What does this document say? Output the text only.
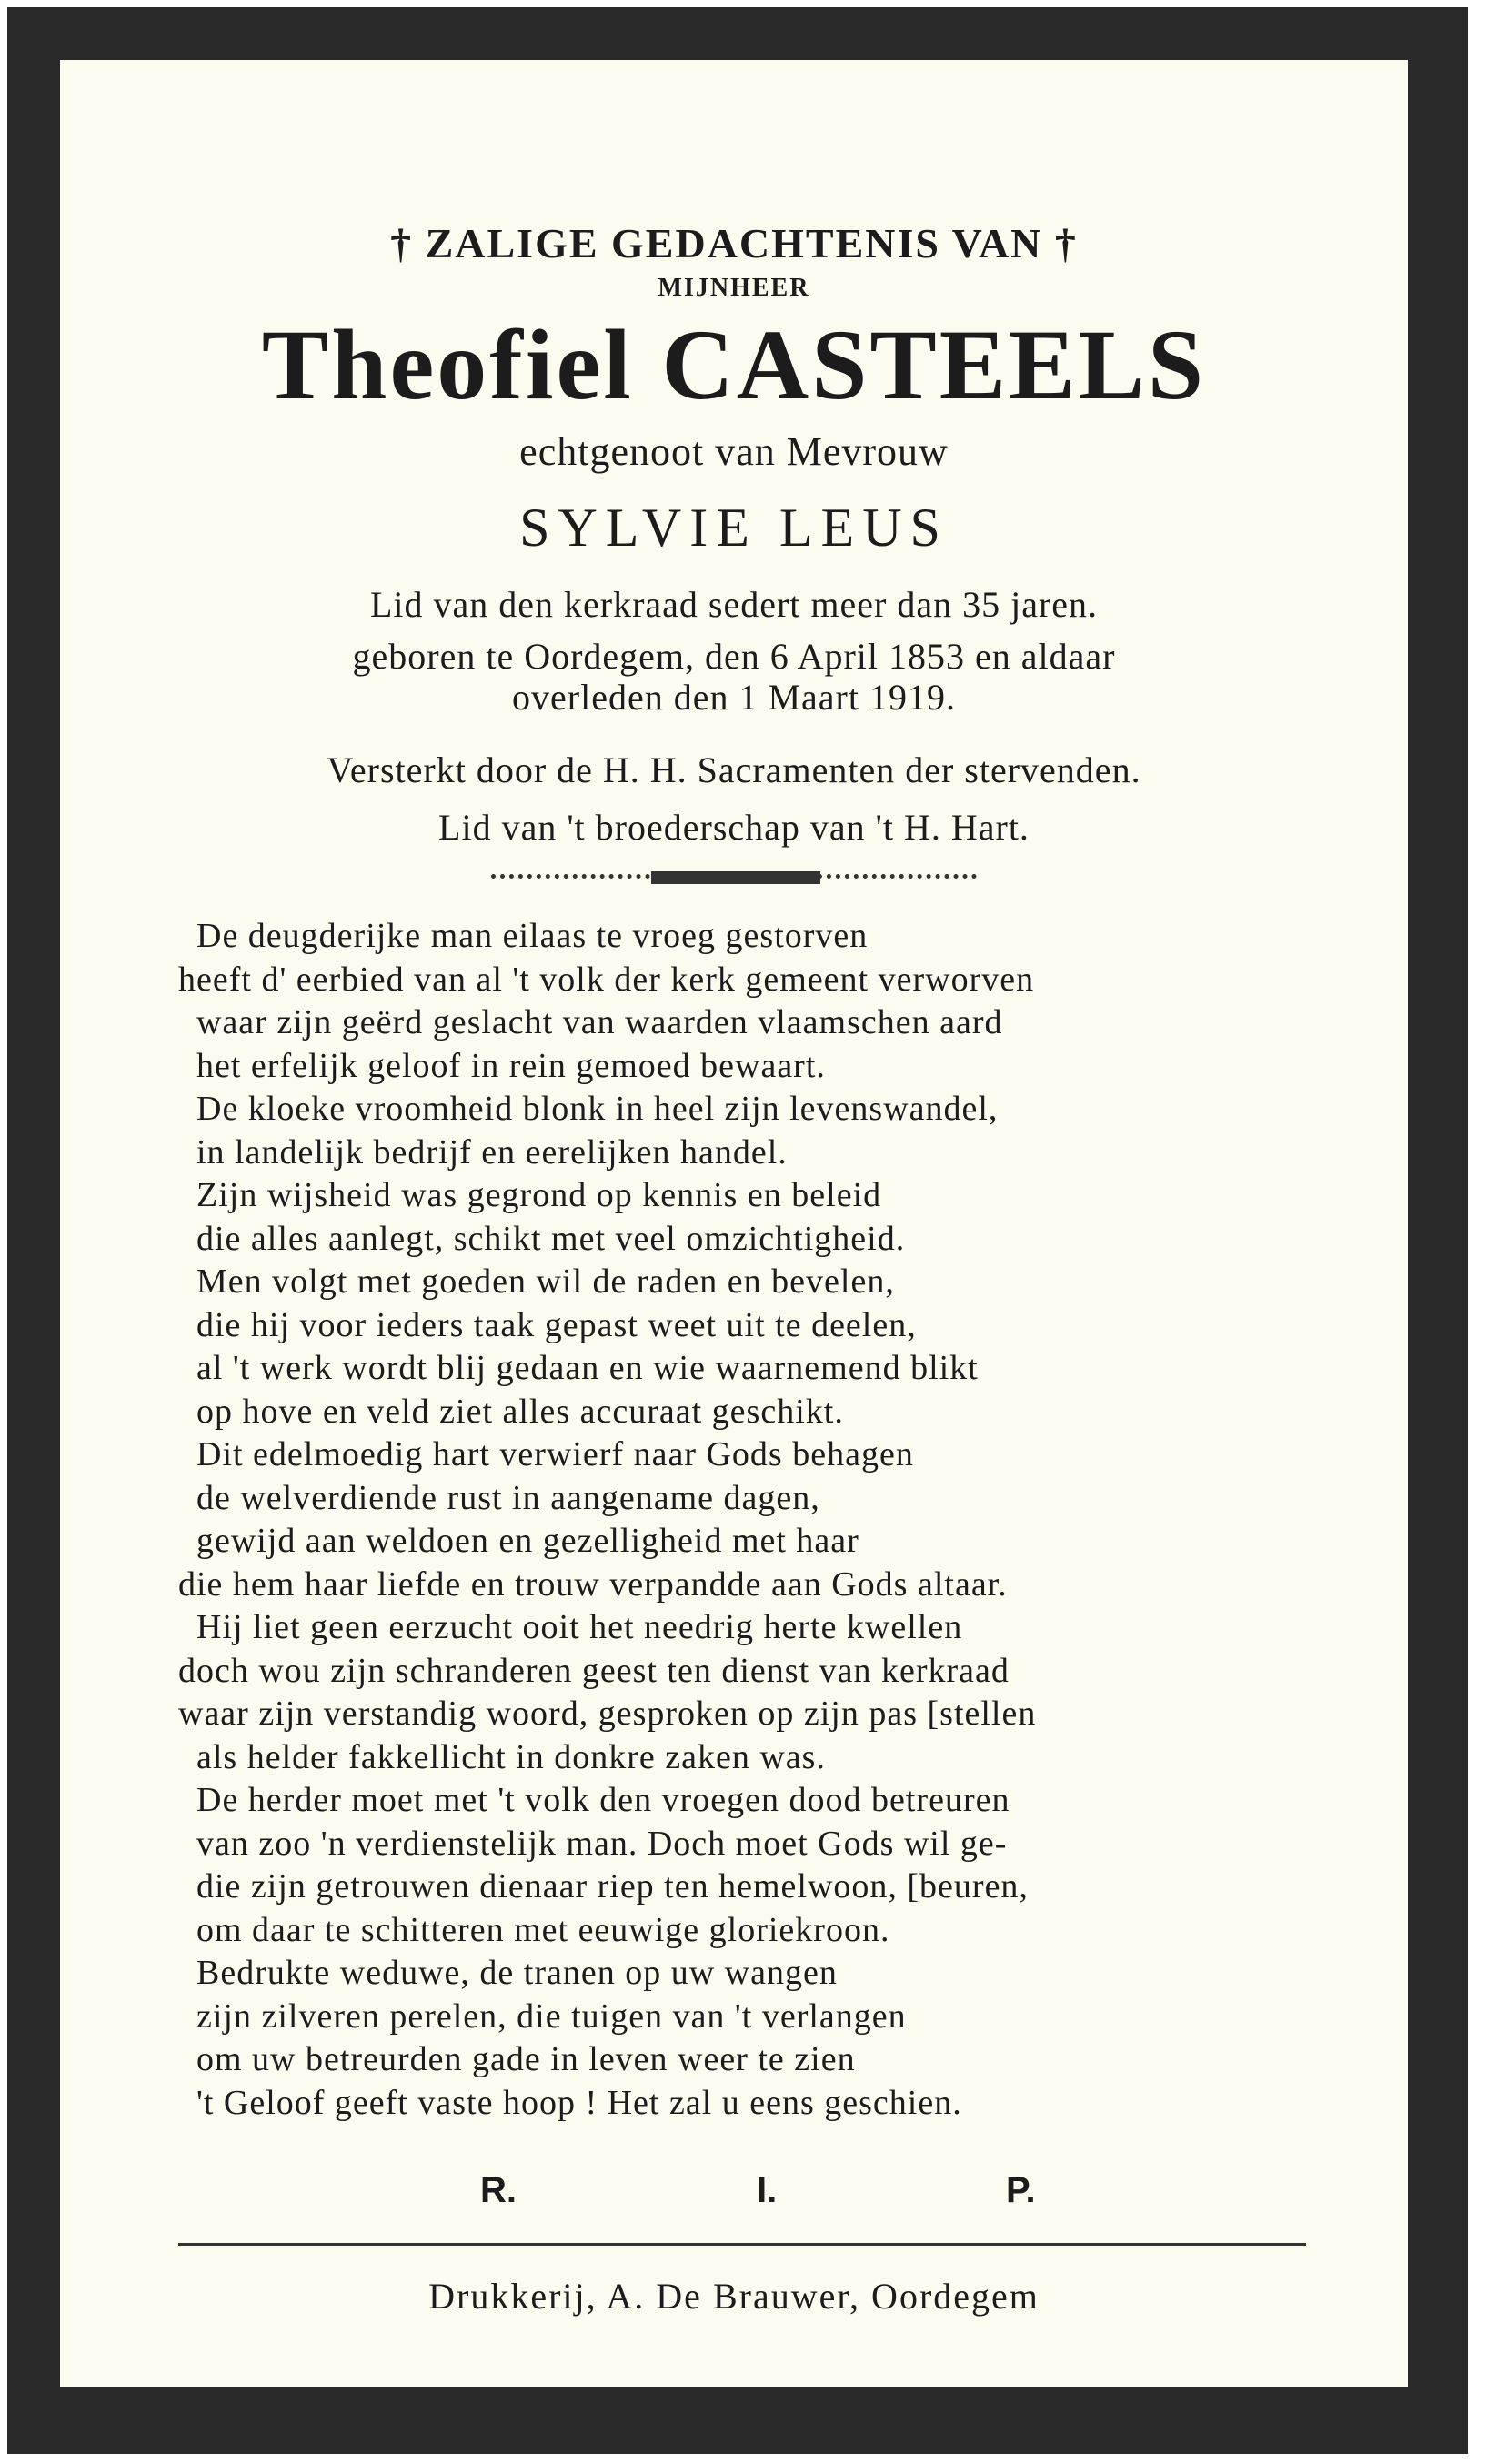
† ZALIGE GEDACHTENIS VAN †
MIJNHEER
Theofiel CASTEELS
echtgenoot van Mevrouw
SYLVIE LEUS
Lid van den kerkraad sedert meer dan 35 jaren.
geboren te Oordegem, den 6 April 1853 en aldaar
overleden den 1 Maart 1919.
Versterkt door de H. H. Sacramenten der stervenden.
Lid van 't broederschap van 't H. Hart.
De deugderijke man eilaas te vroeg gestorven
heeft d' eerbied van al 't volk der kerk gemeent verworven
waar zijn geërd geslacht van waarden vlaamschen aard
het erfelijk geloof in rein gemoed bewaart.
De kloeke vroomheid blonk in heel zijn levenswandel,
in landelijk bedrijf en eerelijken handel.
Zijn wijsheid was gegrond op kennis en beleid
die alles aanlegt, schikt met veel omzichtigheid.
Men volgt met goeden wil de raden en bevelen,
die hij voor ieders taak gepast weet uit te deelen,
al 't werk wordt blij gedaan en wie waarnemend blikt
op hove en veld ziet alles accuraat geschikt.
Dit edelmoedig hart verwierf naar Gods behagen
de welverdiende rust in aangename dagen,
gewijd aan weldoen en gezelligheid met haar
die hem haar liefde en trouw verpandde aan Gods altaar.
Hij liet geen eerzucht ooit het needrig herte kwellen
doch wou zijn schranderen geest ten dienst van kerkraad
waar zijn verstandig woord, gesproken op zijn pas [stellen
als helder fakkellicht in donkre zaken was.
De herder moet met 't volk den vroegen dood betreuren
van zoo 'n verdienstelijk man. Doch moet Gods wil ge-
die zijn getrouwen dienaar riep ten hemelwoon, [beuren,
om daar te schitteren met eeuwige gloriekroon.
Bedrukte weduwe, de tranen op uw wangen
zijn zilveren perelen, die tuigen van 't verlangen
om uw betreurden gade in leven weer te zien
't Geloof geeft vaste hoop ! Het zal u eens geschien.
R.	I.	P.
Drukkerij, A. De Brauwer, Oordegem
